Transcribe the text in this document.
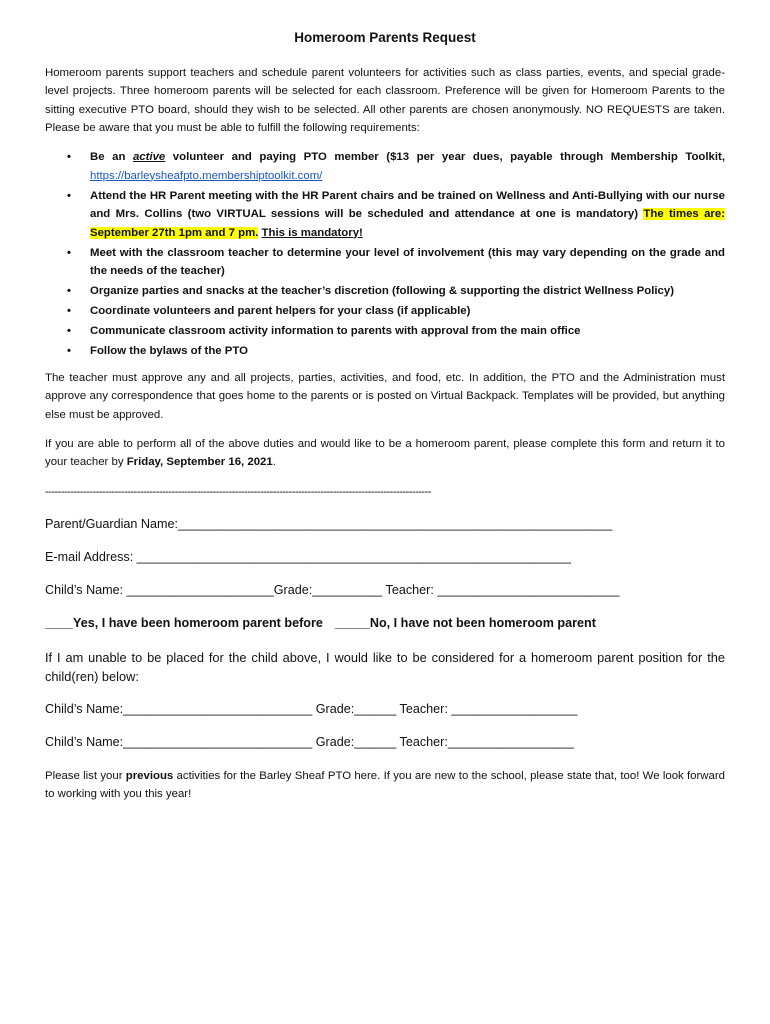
Homeroom Parents Request

Homeroom parents support teachers and schedule parent volunteers for activities such as class parties, events, and special grade-level projects. Three homeroom parents will be selected for each classroom. Preference will be given for Homeroom Parents to the sitting executive PTO board, should they wish to be selected. All other parents are chosen anonymously. NO REQUESTS are taken. Please be aware that you must be able to fulfill the following requirements:

• Be an active volunteer and paying PTO member ($13 per year dues, payable through Membership Toolkit, https://barleysheafpto.membershiptoolkit.com/
• Attend the HR Parent meeting with the HR Parent chairs and be trained on Wellness and Anti-Bullying with our nurse and Mrs. Collins (two VIRTUAL sessions will be scheduled and attendance at one is mandatory) The times are: September 27th 1pm and 7 pm. This is mandatory!
• Meet with the classroom teacher to determine your level of involvement (this may vary depending on the grade and the needs of the teacher)
• Organize parties and snacks at the teacher’s discretion (following & supporting the district Wellness Policy)
• Coordinate volunteers and parent helpers for your class (if applicable)
• Communicate classroom activity information to parents with approval from the main office
• Follow the bylaws of the PTO

The teacher must approve any and all projects, parties, activities, and food, etc. In addition, the PTO and the Administration must approve any correspondence that goes home to the parents or is posted on Virtual Backpack. Templates will be provided, but anything else must be approved.

If you are able to perform all of the above duties and would like to be a homeroom parent, please complete this form and return it to your teacher by Friday, September 16, 2021.

--------------------------------------------------------------------------------------------------------------------------
Parent/Guardian Name:______________________________________________________________
E-mail Address: ______________________________________________________________
Child’s Name: _____________________Grade:__________ Teacher: __________________________
____Yes, I have been homeroom parent before _____No, I have not been homeroom parent

If I am unable to be placed for the child above, I would like to be considered for a homeroom parent position for the child(ren) below:

Child’s Name:___________________________ Grade:______ Teacher: __________________
Child’s Name:___________________________ Grade:______ Teacher:__________________

Please list your previous activities for the Barley Sheaf PTO here. If you are new to the school, please state that, too! We look forward to working with you this year!
